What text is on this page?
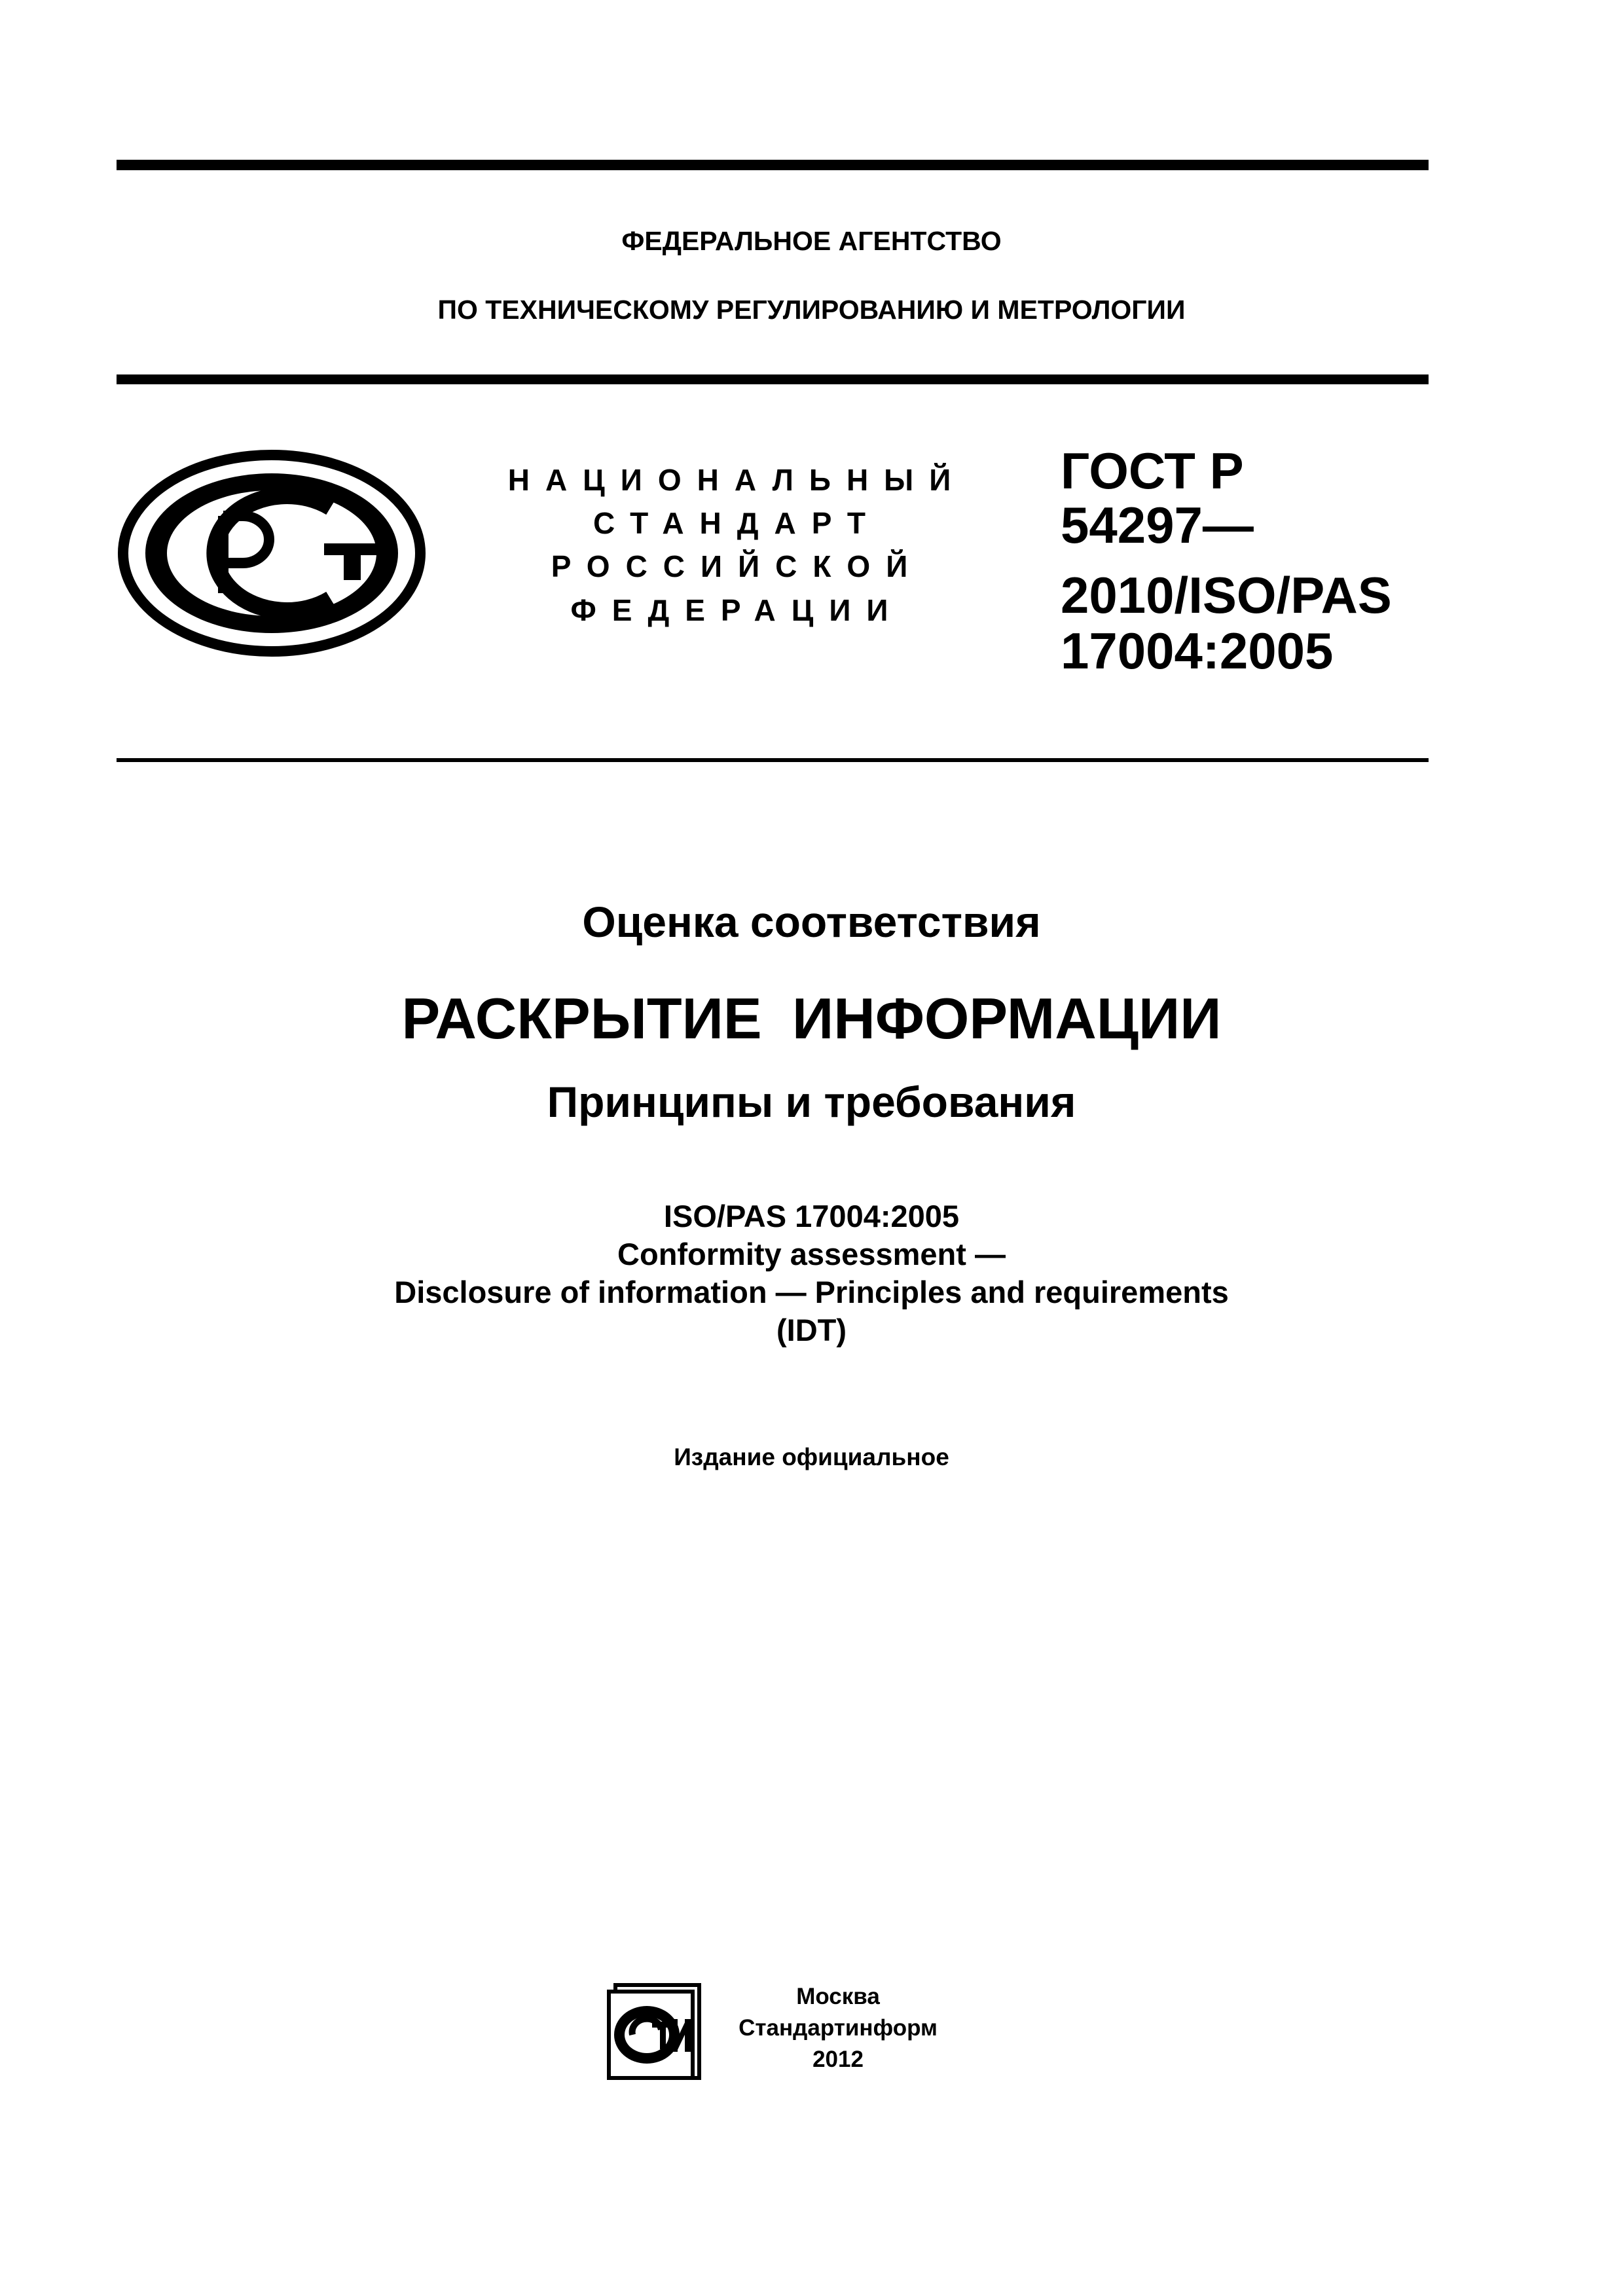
ФЕДЕРАЛЬНОЕ АГЕНТСТВО
ПО ТЕХНИЧЕСКОМУ РЕГУЛИРОВАНИЮ И МЕТРОЛОГИИ
НАЦИОНАЛЬНЫЙ
СТАНДАРТ
РОССИЙСКОЙ
ФЕДЕРАЦИИ
ГОСТ Р
54297—
2010/ISO/PAS
17004:2005
Оценка соответствия
РАСКРЫТИЕ ИНФОРМАЦИИ
Принципы и требования
ISO/PAS 17004:2005
Conformity assessment —
Disclosure of information — Principles and requirements
(IDT)
Издание официальное
Москва
Стандартинформ
2012
